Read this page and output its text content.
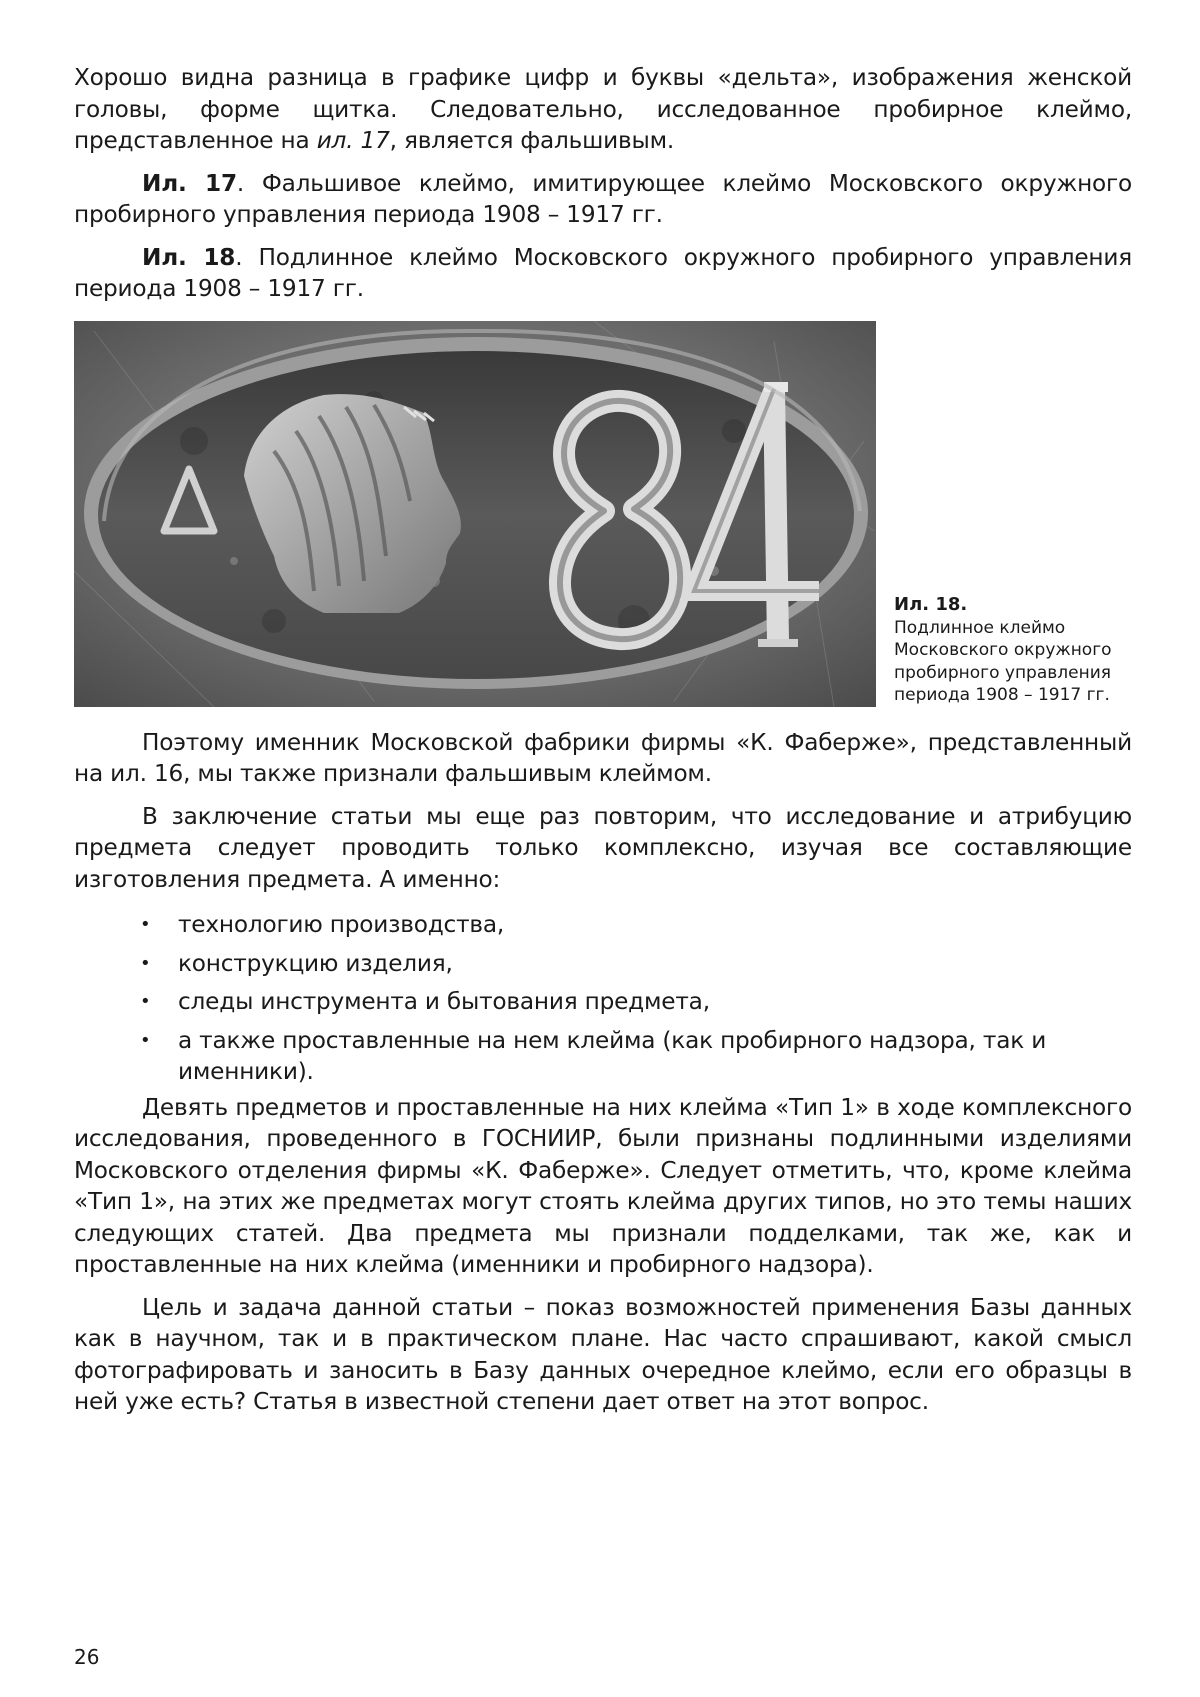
Хорошо видна разница в графике цифр и буквы «дельта», изображения женской головы, форме щитка. Следовательно, исследованное пробирное клеймо, представленное на ил. 17, является фальшивым.

Ил. 17. Фальшивое клеймо, имитирующее клеймо Московского окружного пробирного управления периода 1908 – 1917 гг.

Ил. 18. Подлинное клеймо Московского окружного пробирного управления периода 1908 – 1917 гг.

Ил. 18.
Подлинное клеймо Московского окружного пробирного управления периода 1908 – 1917 гг.

Поэтому именник Московской фабрики фирмы «К. Фаберже», представленный на ил. 16, мы также признали фальшивым клеймом.

В заключение статьи мы еще раз повторим, что исследование и атрибуцию предмета следует проводить только комплексно, изучая все составляющие изготовления предмета. А именно:

• технологию производства,
• конструкцию изделия,
• следы инструмента и бытования предмета,
• а также проставленные на нем клейма (как пробирного надзора, так и именники).

Девять предметов и проставленные на них клейма «Тип 1» в ходе комплексного исследования, проведенного в ГОСНИИР, были признаны подлинными изделиями Московского отделения фирмы «К. Фаберже». Следует отметить, что, кроме клейма «Тип 1», на этих же предметах могут стоять клейма других типов, но это темы наших следующих статей. Два предмета мы признали подделками, так же, как и проставленные на них клейма (именники и пробирного надзора).

Цель и задача данной статьи – показ возможностей применения Базы данных как в научном, так и в практическом плане. Нас часто спрашивают, какой смысл фотографировать и заносить в Базу данных очередное клеймо, если его образцы в ней уже есть? Статья в известной степени дает ответ на этот вопрос.

26
